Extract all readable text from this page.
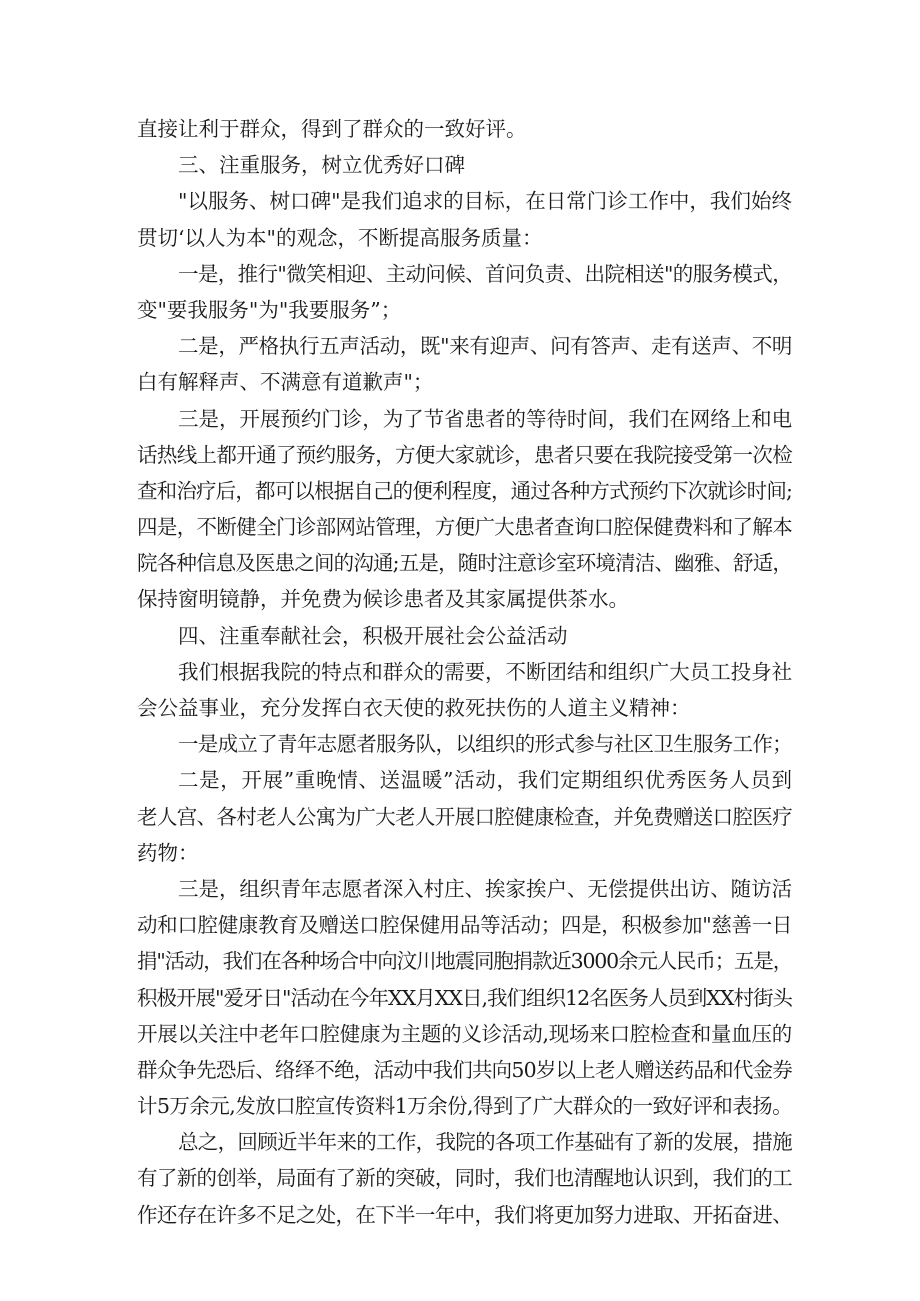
直接让利于群众，得到了群众的一致好评。
三、注重服务，树立优秀好口碑
"以服务、树口碑"是我们追求的目标，在日常门诊工作中，我们始终
贯切‘以人为本"的观念，不断提高服务质量：
一是，推行"微笑相迎、主动问候、首问负责、出院相送"的服务模式，
变"要我服务"为"我要服务”；
二是，严格执行五声活动，既"来有迎声、问有答声、走有送声、不明
白有解释声、不满意有道歉声"；
三是，开展预约门诊，为了节省患者的等待时间，我们在网络上和电
话热线上都开通了预约服务，方便大家就诊，患者只要在我院接受第一次检
查和治疗后，都可以根据自己的便利程度，通过各种方式预约下次就诊时间;
四是，不断健全门诊部网站管理，方便广大患者查询口腔保健费料和了解本
院各种信息及医患之间的沟通;五是，随时注意诊室环境清洁、幽雅、舒适，
保持窗明镜静，并免费为候诊患者及其家属提供茶水。
四、注重奉献社会，积极开展社会公益活动
我们根据我院的特点和群众的需要，不断团结和组织广大员工投身社
会公益事业，充分发挥白衣天使的救死扶伤的人道主义精神：
一是成立了青年志愿者服务队，以组织的形式参与社区卫生服务工作；
二是，开展”重晚情、送温暖”活动，我们定期组织优秀医务人员到
老人宫、各村老人公寓为广大老人开展口腔健康检查，并免费赠送口腔医疗
药物：
三是，组织青年志愿者深入村庄、挨家挨户、无偿提供出访、随访活
动和口腔健康教育及赠送口腔保健用品等活动；四是，积极参加"慈善一日
捐"活动，我们在各种场合中向汶川地震同胞捐款近3000余元人民币；五是，
积极开展"爱牙日"活动在今年XX月XX日,我们组织12名医务人员到XX村街头
开展以关注中老年口腔健康为主题的义诊活动,现场来口腔检查和量血压的
群众争先恐后、络绎不绝，活动中我们共向50岁以上老人赠送药品和代金券
计5万余元,发放口腔宣传资料1万余份,得到了广大群众的一致好评和表扬。
总之，回顾近半年来的工作，我院的各项工作基础有了新的发展，措施
有了新的创举，局面有了新的突破，同时，我们也清醒地认识到，我们的工
作还存在许多不足之处，在下半一年中，我们将更加努力进取、开拓奋进、
